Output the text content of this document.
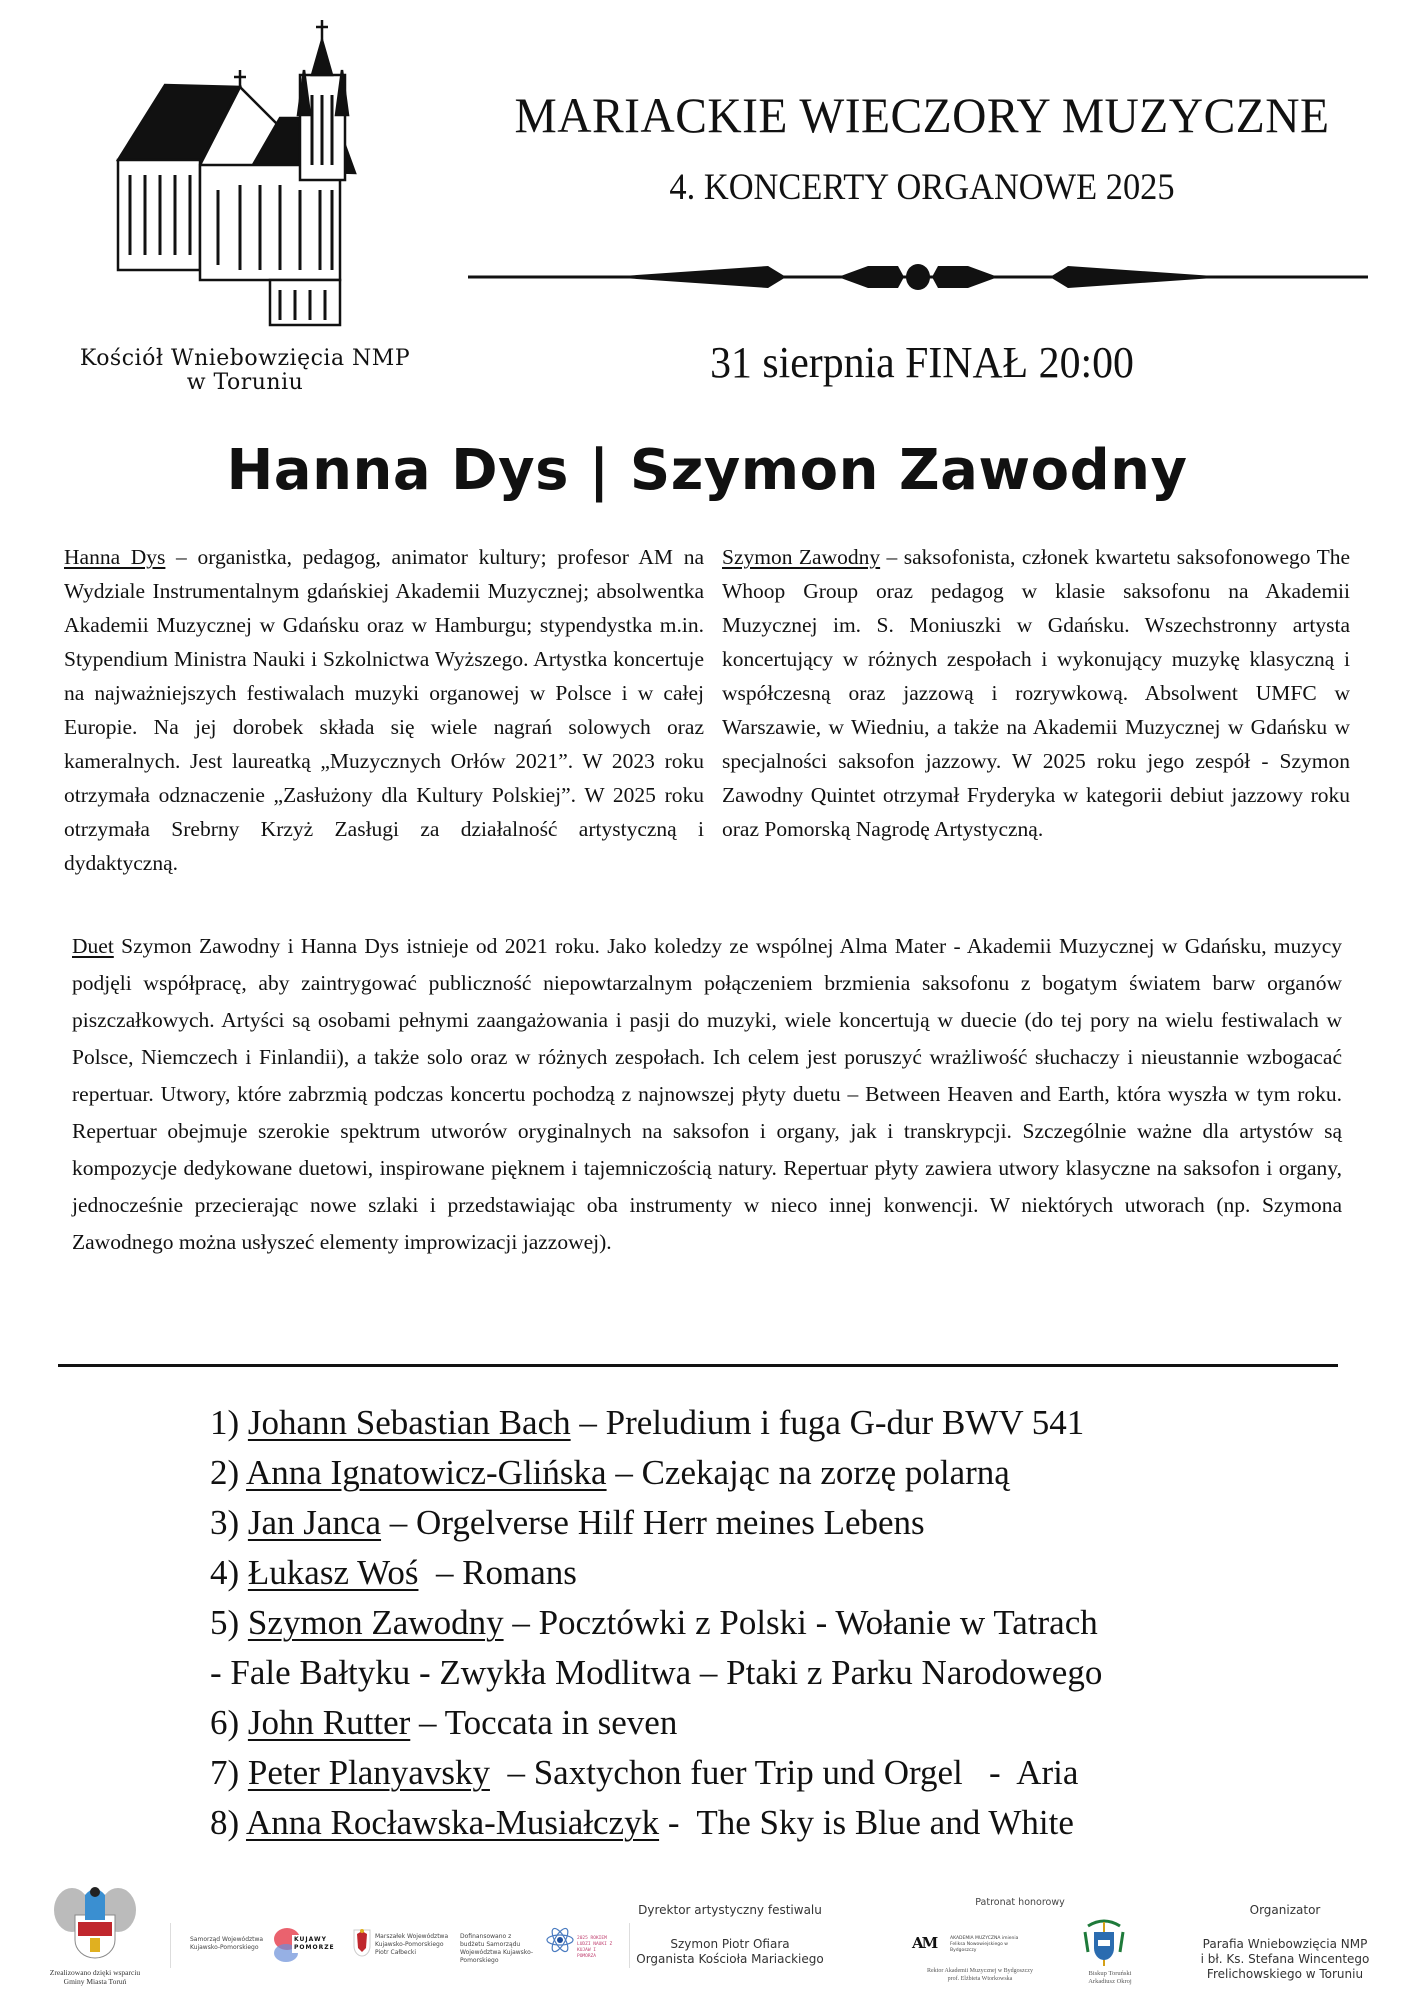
Kościół Wniebowzięcia NMP
w Toruniu
MARIACKIE WIECZORY MUZYCZNE
4. KONCERTY ORGANOWE 2025
31 sierpnia FINAŁ 20:00
Hanna Dys | Szymon Zawodny
Hanna Dys – organistka, pedagog, animator kultury; profesor AM na Wydziale Instrumentalnym gdańskiej Akademii Muzycznej; absolwentka Akademii Muzycznej w Gdańsku oraz w Hamburgu; stypendystka m.in. Stypendium Ministra Nauki i Szkolnictwa Wyższego. Artystka koncertuje na najważniejszych festiwalach muzyki organowej w Polsce i w całej Europie. Na jej dorobek składa się wiele nagrań solowych oraz kameralnych. Jest laureatką „Muzycznych Orłów 2021”. W 2023 roku otrzymała odznaczenie „Zasłużony dla Kultury Polskiej”. W 2025 roku otrzymała Srebrny Krzyż Zasługi za działalność artystyczną i dydaktyczną.
Szymon Zawodny – saksofonista, członek kwartetu saksofonowego The Whoop Group oraz pedagog w klasie saksofonu na Akademii Muzycznej im. S. Moniuszki w Gdańsku. Wszechstronny artysta koncertujący w różnych zespołach i wykonujący muzykę klasyczną i współczesną oraz jazzową i rozrywkową. Absolwent UMFC w Warszawie, w Wiedniu, a także na Akademii Muzycznej w Gdańsku w specjalności saksofon jazzowy. W 2025 roku jego zespół - Szymon Zawodny Quintet otrzymał Fryderyka w kategorii debiut jazzowy roku oraz Pomorską Nagrodę Artystyczną.
Duet Szymon Zawodny i Hanna Dys istnieje od 2021 roku. Jako koledzy ze wspólnej Alma Mater - Akademii Muzycznej w Gdańsku, muzycy podjęli współpracę, aby zaintrygować publiczność niepowtarzalnym połączeniem brzmienia saksofonu z bogatym światem barw organów piszczałkowych. Artyści są osobami pełnymi zaangażowania i pasji do muzyki, wiele koncertują w duecie (do tej pory na wielu festiwalach w Polsce, Niemczech i Finlandii), a także solo oraz w różnych zespołach. Ich celem jest poruszyć wrażliwość słuchaczy i nieustannie wzbogacać repertuar. Utwory, które zabrzmią podczas koncertu pochodzą z najnowszej płyty duetu – Between Heaven and Earth, która wyszła w tym roku. Repertuar obejmuje szerokie spektrum utworów oryginalnych na saksofon i organy, jak i transkrypcji. Szczególnie ważne dla artystów są kompozycje dedykowane duetowi, inspirowane pięknem i tajemniczością natury. Repertuar płyty zawiera utwory klasyczne na saksofon i organy, jednocześnie przecierając nowe szlaki i przedstawiając oba instrumenty w nieco innej konwencji. W niektórych utworach (np. Szymona Zawodnego można usłyszeć elementy improwizacji jazzowej).
1) Johann Sebastian Bach – Preludium i fuga G-dur BWV 541
2) Anna Ignatowicz-Glińska – Czekając na zorzę polarną
3) Jan Janca – Orgelverse Hilf Herr meines Lebens
4) Łukasz Woś  – Romans
5) Szymon Zawodny – Pocztówki z Polski - Wołanie w Tatrach
- Fale Bałtyku - Zwykła Modlitwa – Ptaki z Parku Narodowego
6) John Rutter – Toccata in seven
7) Peter Planyavsky  – Saxtychon fuer Trip und Orgel   -  Aria
8) Anna Rocławska-Musiałczyk -  The Sky is Blue and White
Zrealizowano dzięki wsparciu
Gminy Miasta Toruń
Samorząd Województwa Kujawsko-Pomorskiego
KUJAWY
POMORZE
Marszałek Województwa Kujawsko-Pomorskiego Piotr Całbecki
Dofinansowano z budżetu Samorządu Województwa Kujawsko-Pomorskiego
2025 ROKIEM LUDZI NAUKI Z KUJAW I POMORZA
Dyrektor artystyczny festiwalu
Szymon Piotr Ofiara
Organista Kościoła Mariackiego
Patronat honorowy
AM	AKADEMIA MUZYCZNA imienia Feliksa Nowowiejskiego w Bydgoszczy
Rektor Akademii Muzycznej w Bydgoszczy
prof. Elżbieta Wtorkowska
Biskup Toruński
Arkadiusz Okroj
Organizator
Parafia Wniebowzięcia NMP
i bł. Ks. Stefana Wincentego
Frelichowskiego w Toruniu
